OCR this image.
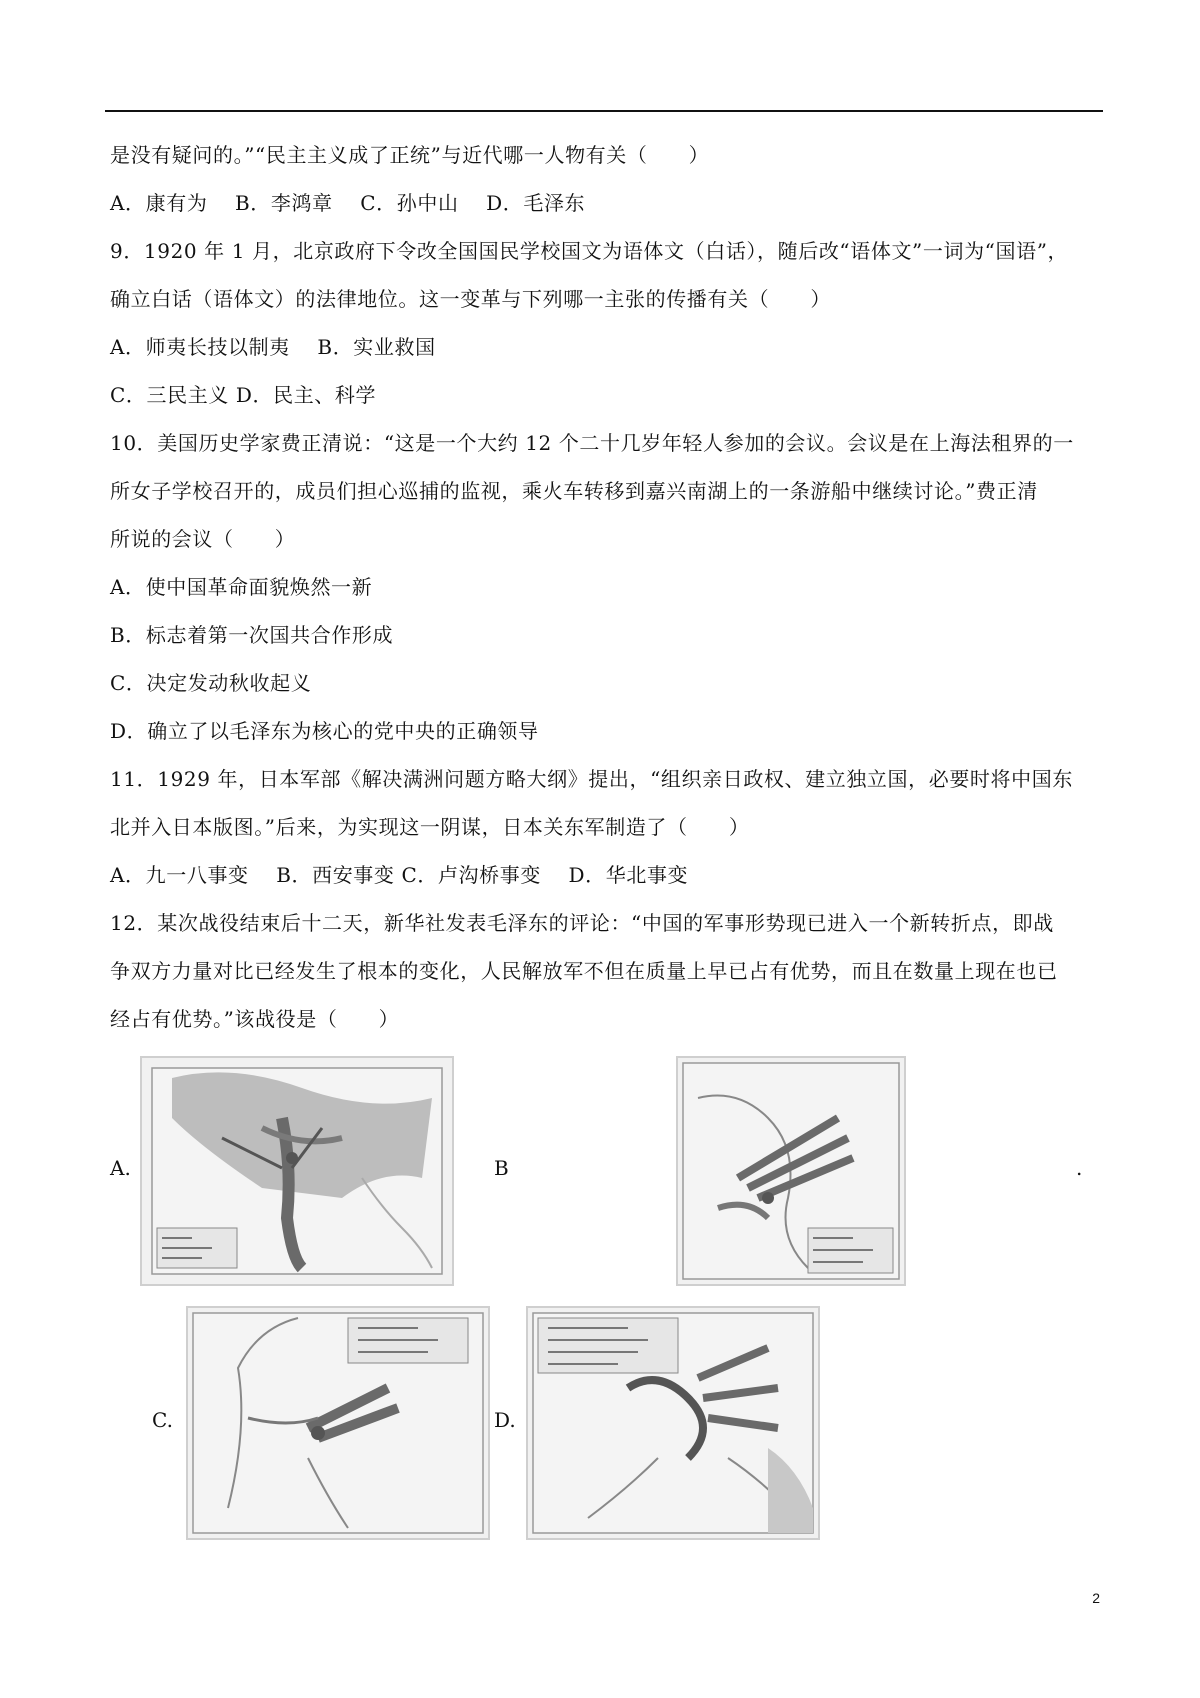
是没有疑问的。”“民主主义成了正统”与近代哪一人物有关（　　）
A．康有为　 B．李鸿章　 C．孙中山　 D．毛泽东
9．1920 年 1 月，北京政府下令改全国国民学校国文为语体文（白话），随后改“语体文”一词为“国语”，
确立白话（语体文）的法律地位。这一变革与下列哪一主张的传播有关（　　）
A．师夷长技以制夷　 B．实业救国
C．三民主义 D．民主、科学
10．美国历史学家费正清说：“这是一个大约 12 个二十几岁年轻人参加的会议。会议是在上海法租界的一
所女子学校召开的，成员们担心巡捕的监视，乘火车转移到嘉兴南湖上的一条游船中继续讨论。”费正清
所说的会议（　　）
A．使中国革命面貌焕然一新
B．标志着第一次国共合作形成
C．决定发动秋收起义
D．确立了以毛泽东为核心的党中央的正确领导
11．1929 年，日本军部《解决满洲问题方略大纲》提出，“组织亲日政权、建立独立国，必要时将中国东
北并入日本版图。”后来，为实现这一阴谋，日本关东军制造了（　　）
A．九一八事变　 B．西安事变 C．卢沟桥事变　 D．华北事变
12．某次战役结束后十二天，新华社发表毛泽东的评论：“中国的军事形势现已进入一个新转折点，即战
争双方力量对比已经发生了根本的变化，人民解放军不但在质量上早已占有优势，而且在数量上现在也已
经占有优势。”该战役是（　　）
A.	B	.
C.	D.
2
